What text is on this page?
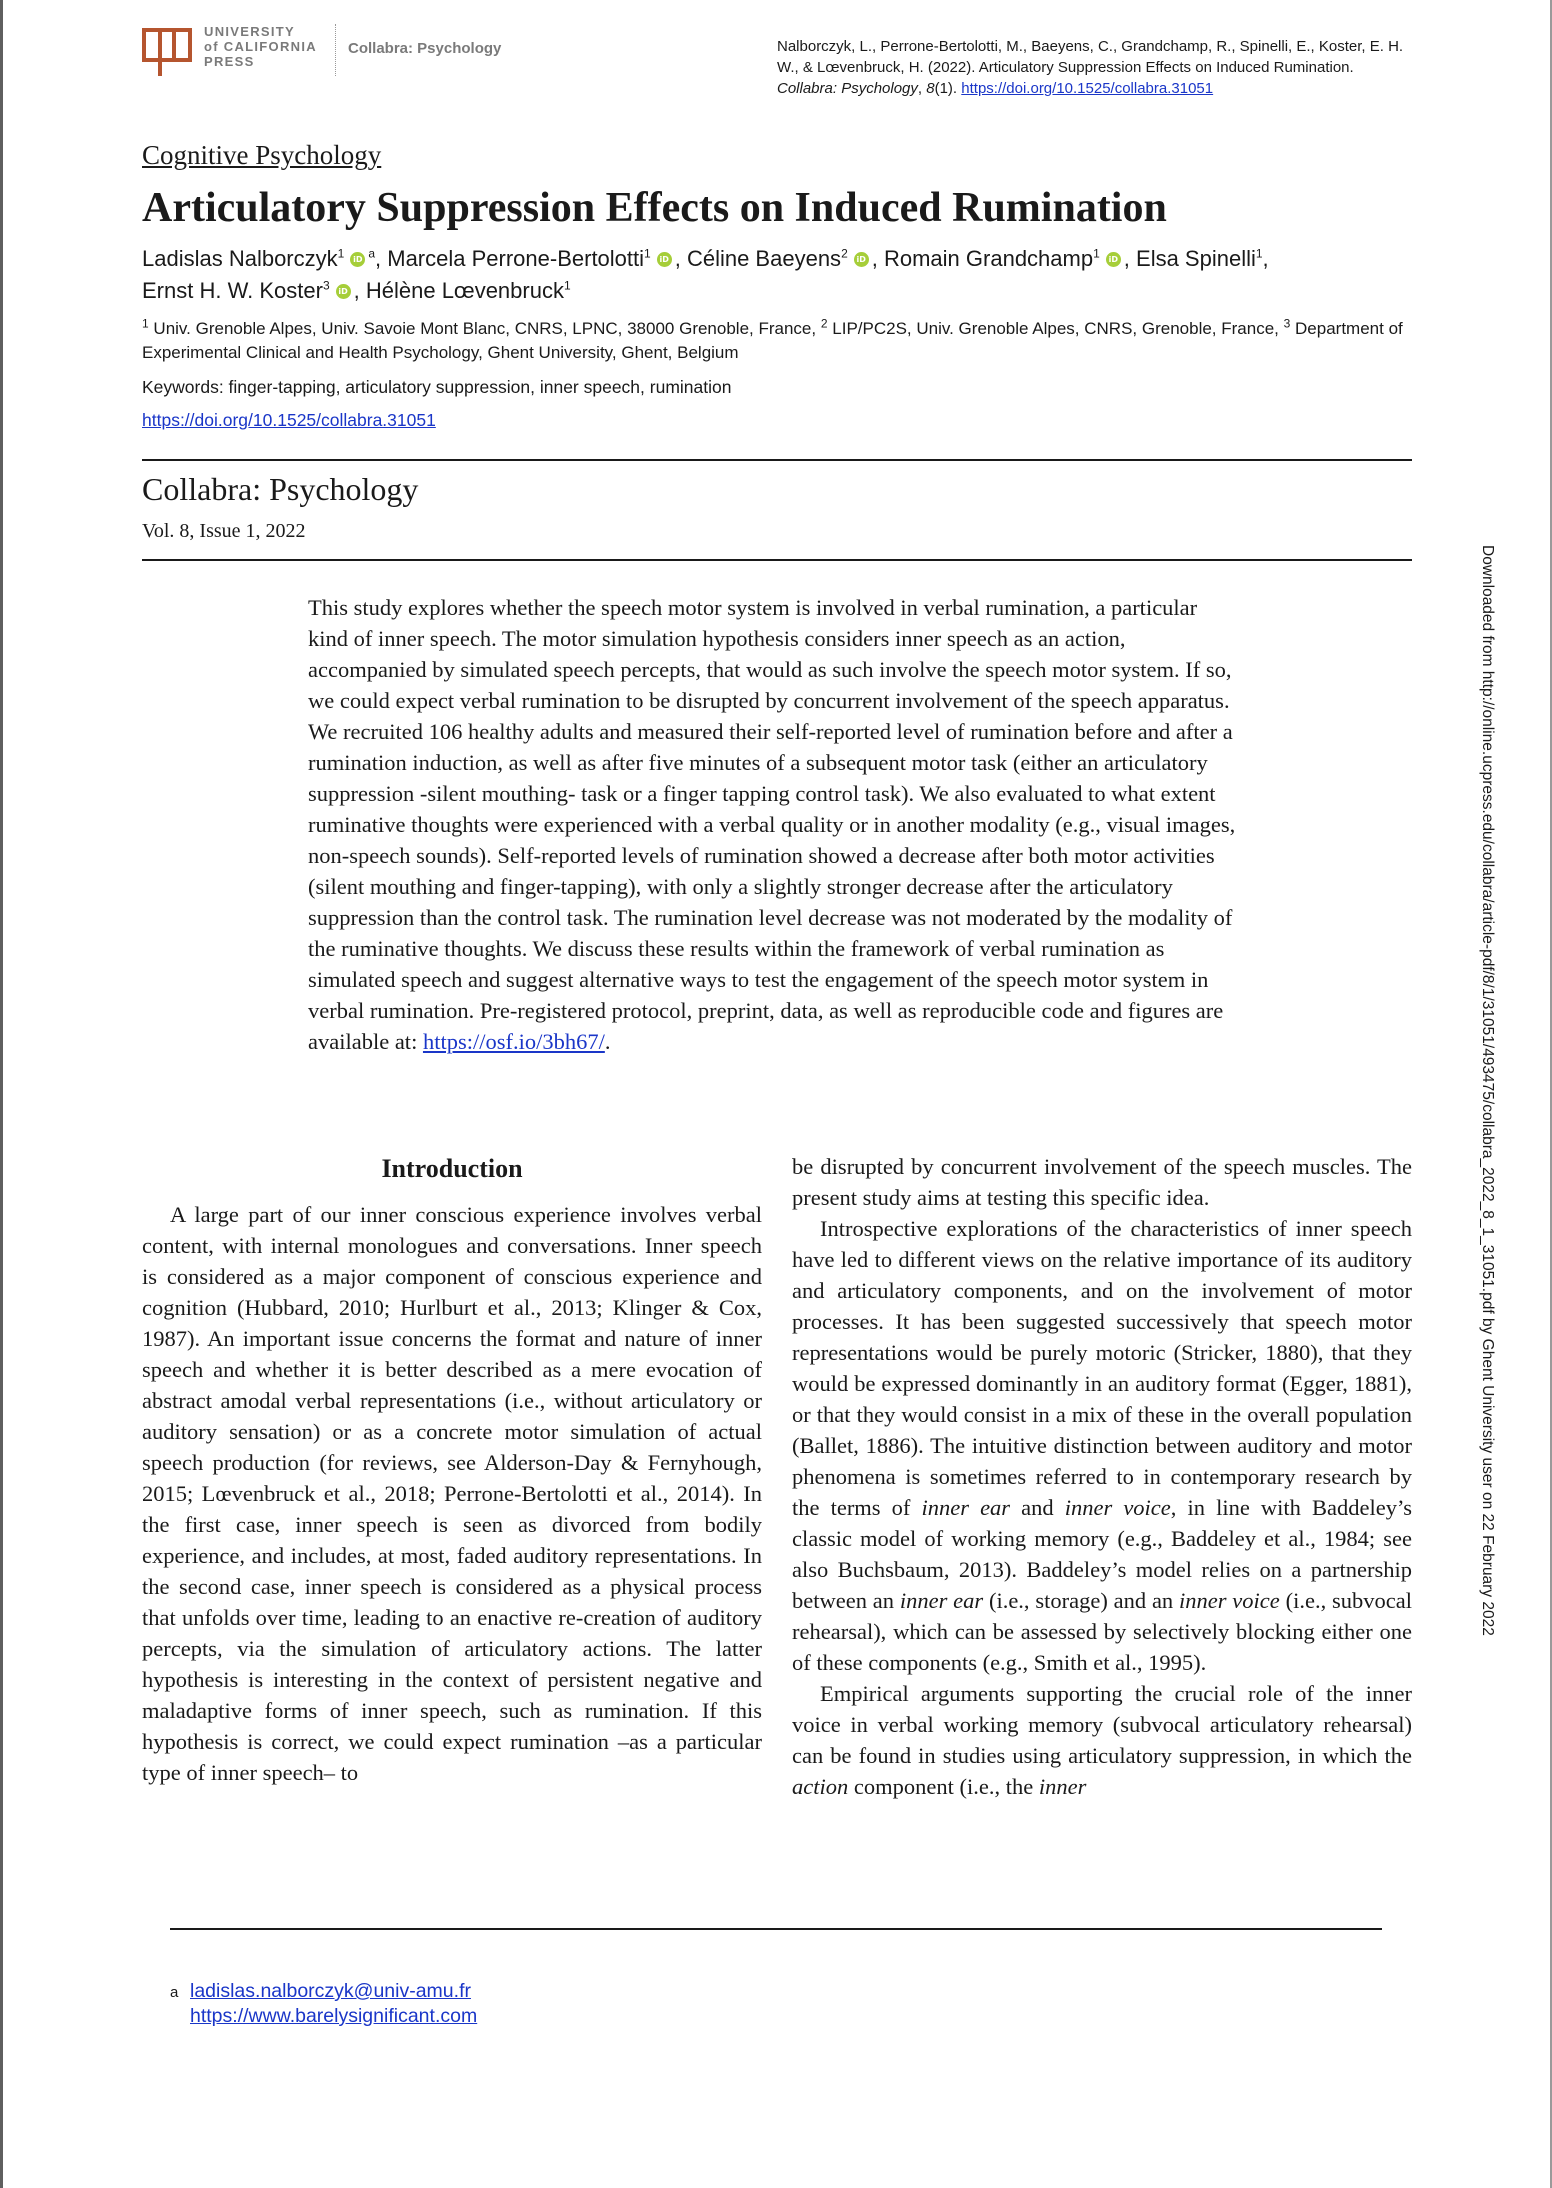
UNIVERSITY
of CALIFORNIA
PRESS
Collabra: Psychology	Nalborczyk, L., Perrone-Bertolotti, M., Baeyens, C., Grandchamp, R., Spinelli, E., Koster, E. H. W., & Lœvenbruck, H. (2022). Articulatory Suppression Effects on Induced Rumination. Collabra: Psychology, 8(1). https://doi.org/10.1525/collabra.31051
Cognitive Psychology
Articulatory Suppression Effects on Induced Rumination
Ladislas Nalborczyk$^1$ iD $^a$, Marcela Perrone-Bertolotti$^1$ iD , Céline Baeyens$^2$ iD , Romain Grandchamp$^1$ iD , Elsa Spinelli$^1$,
Ernst H. W. Koster$^3$ iD , Hélène Lœvenbruck$^1$
$^1$ Univ. Grenoble Alpes, Univ. Savoie Mont Blanc, CNRS, LPNC, 38000 Grenoble, France, $^2$ LIP/PC2S, Univ. Grenoble Alpes, CNRS, Grenoble, France, $^3$ Department of Experimental Clinical and Health Psychology, Ghent University, Ghent, Belgium
Keywords: finger-tapping, articulatory suppression, inner speech, rumination
https://doi.org/10.1525/collabra.31051
Collabra: Psychology
Vol. 8, Issue 1, 2022

This study explores whether the speech motor system is involved in verbal rumination, a particular kind of inner speech. The motor simulation hypothesis considers inner speech as an action, accompanied by simulated speech percepts, that would as such involve the speech motor system. If so, we could expect verbal rumination to be disrupted by concurrent involvement of the speech apparatus. We recruited 106 healthy adults and measured their self-reported level of rumination before and after a rumination induction, as well as after five minutes of a subsequent motor task (either an articulatory suppression -silent mouthing- task or a finger tapping control task). We also evaluated to what extent ruminative thoughts were experienced with a verbal quality or in another modality (e.g., visual images, non-speech sounds). Self-reported levels of rumination showed a decrease after both motor activities (silent mouthing and finger-tapping), with only a slightly stronger decrease after the articulatory suppression than the control task. The rumination level decrease was not moderated by the modality of the ruminative thoughts. We discuss these results within the framework of verbal rumination as simulated speech and suggest alternative ways to test the engagement of the speech motor system in verbal rumination. Pre-registered protocol, preprint, data, as well as reproducible code and figures are available at: https://osf.io/3bh67/.

Introduction

A large part of our inner conscious experience involves verbal content, with internal monologues and conversations. Inner speech is considered as a major component of conscious experience and cognition (Hubbard, 2010; Hurlburt et al., 2013; Klinger & Cox, 1987). An important issue concerns the format and nature of inner speech and whether it is better described as a mere evocation of abstract amodal verbal representations (i.e., without articulatory or auditory sensation) or as a concrete motor simulation of actual speech production (for reviews, see Alderson-Day & Fernyhough, 2015; Lœvenbruck et al., 2018; Perrone-Bertolotti et al., 2014). In the first case, inner speech is seen as divorced from bodily experience, and includes, at most, faded auditory representations. In the second case, inner speech is considered as a physical process that unfolds over time, leading to an enactive re-creation of auditory percepts, via the simulation of articulatory actions. The latter hypothesis is interesting in the context of persistent negative and maladaptive forms of inner speech, such as rumination. If this hypothesis is correct, we could expect rumination –as a particular type of inner speech– to

be disrupted by concurrent involvement of the speech muscles. The present study aims at testing this specific idea.

Introspective explorations of the characteristics of inner speech have led to different views on the relative importance of its auditory and articulatory components, and on the involvement of motor processes. It has been suggested successively that speech motor representations would be purely motoric (Stricker, 1880), that they would be expressed dominantly in an auditory format (Egger, 1881), or that they would consist in a mix of these in the overall population (Ballet, 1886). The intuitive distinction between auditory and motor phenomena is sometimes referred to in contemporary research by the terms of inner ear and inner voice, in line with Baddeley’s classic model of working memory (e.g., Baddeley et al., 1984; see also Buchsbaum, 2013). Baddeley’s model relies on a partnership between an inner ear (i.e., storage) and an inner voice (i.e., subvocal rehearsal), which can be assessed by selectively blocking either one of these components (e.g., Smith et al., 1995).

Empirical arguments supporting the crucial role of the inner voice in verbal working memory (subvocal articulatory rehearsal) can be found in studies using articulatory suppression, in which the action component (i.e., the inner

a ladislas.nalborczyk@univ-amu.fr
https://www.barelysignificant.com
Downloaded from http://online.ucpress.edu/collabra/article-pdf/8/1/31051/493475/collabra_2022_8_1_31051.pdf by Ghent University user on 22 February 2022
